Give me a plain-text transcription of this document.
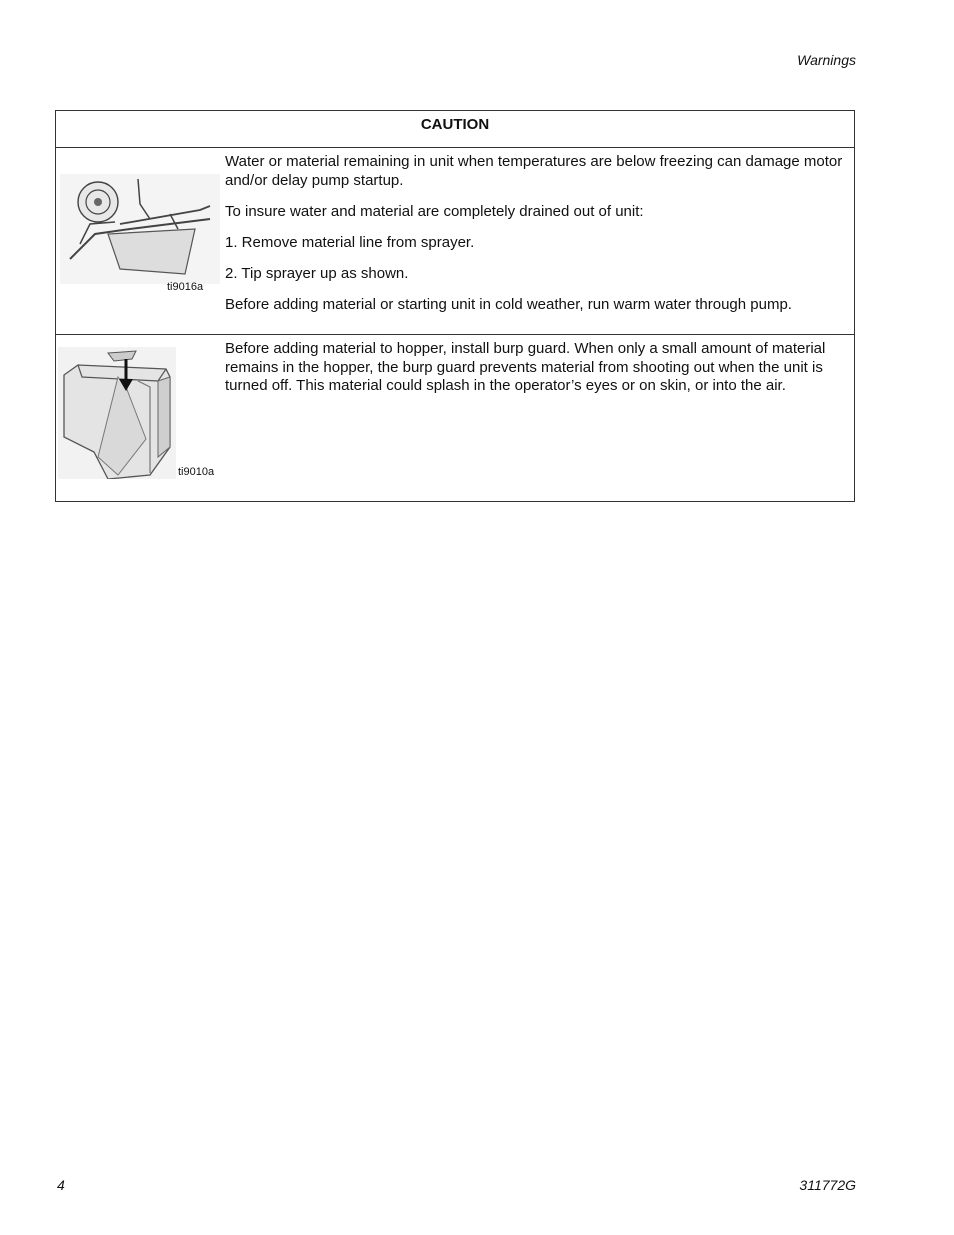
Warnings
CAUTION
ti9016a

Water or material remaining in unit when temperatures are below freezing can damage motor and/or delay pump startup.

To insure water and material are completely drained out of unit:

1. Remove material line from sprayer.

2. Tip sprayer up as shown.

Before adding material or starting unit in cold weather, run warm water through pump.

ti9010a

Before adding material to hopper, install burp guard. When only a small amount of material remains in the hopper, the burp guard prevents material from shooting out when the unit is turned off. This material could splash in the operator’s eyes or on skin, or into the air.

4	311772G
